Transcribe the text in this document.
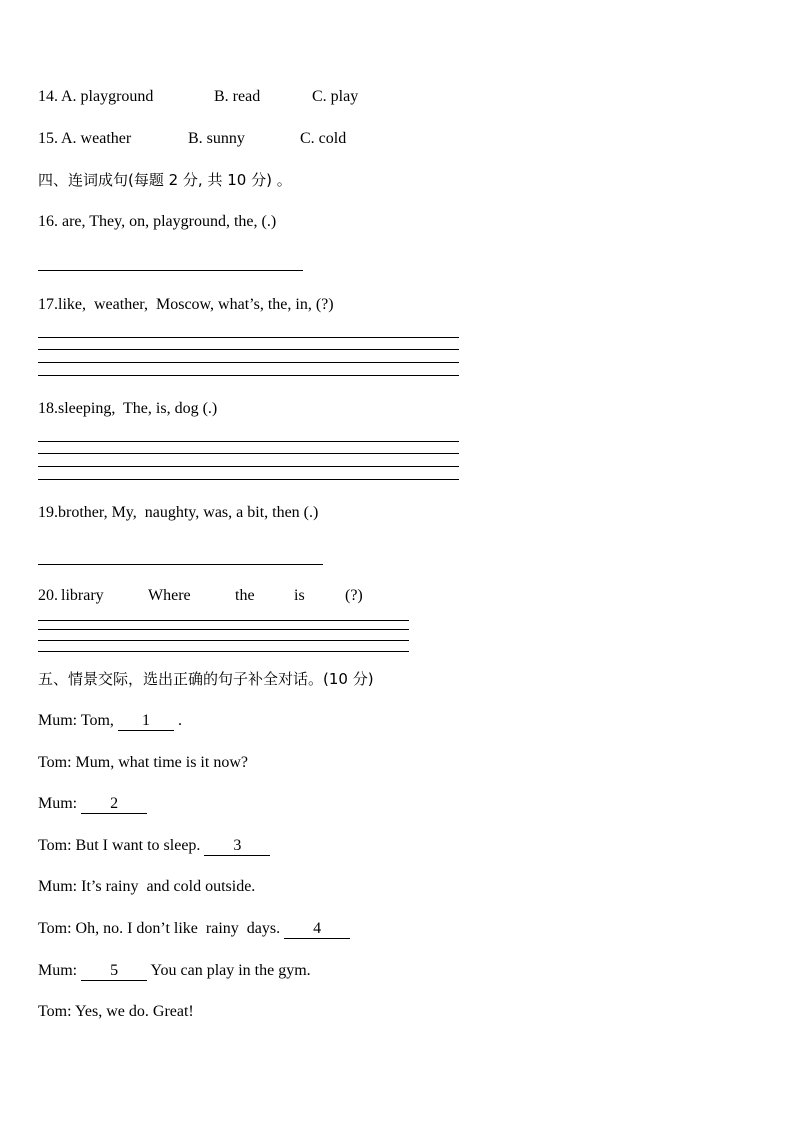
14. A. playground	B. read	C. play
15. A. weather	B. sunny	C. cold
四、连词成句(每题 2 分, 共 10 分) 。
16. are, They, on, playground, the, (.)
17.like,  weather,  Moscow, what’s, the, in, (?)
18.sleeping,  The, is, dog (.)
19.brother, My,  naughty, was, a bit, then (.)
20. library	Where	the is	(?)
五、情景交际，选出正确的句子补全对话。(10 分)
Mum: Tom, 1 .
Tom: Mum, what time is it now?
Mum: 2
Tom: But I want to sleep. 3
Mum: It’s rainy  and cold outside.
Tom: Oh, no. I don’t like  rainy  days. 4
Mum: 5 You can play in the gym.
Tom: Yes, we do. Great!
